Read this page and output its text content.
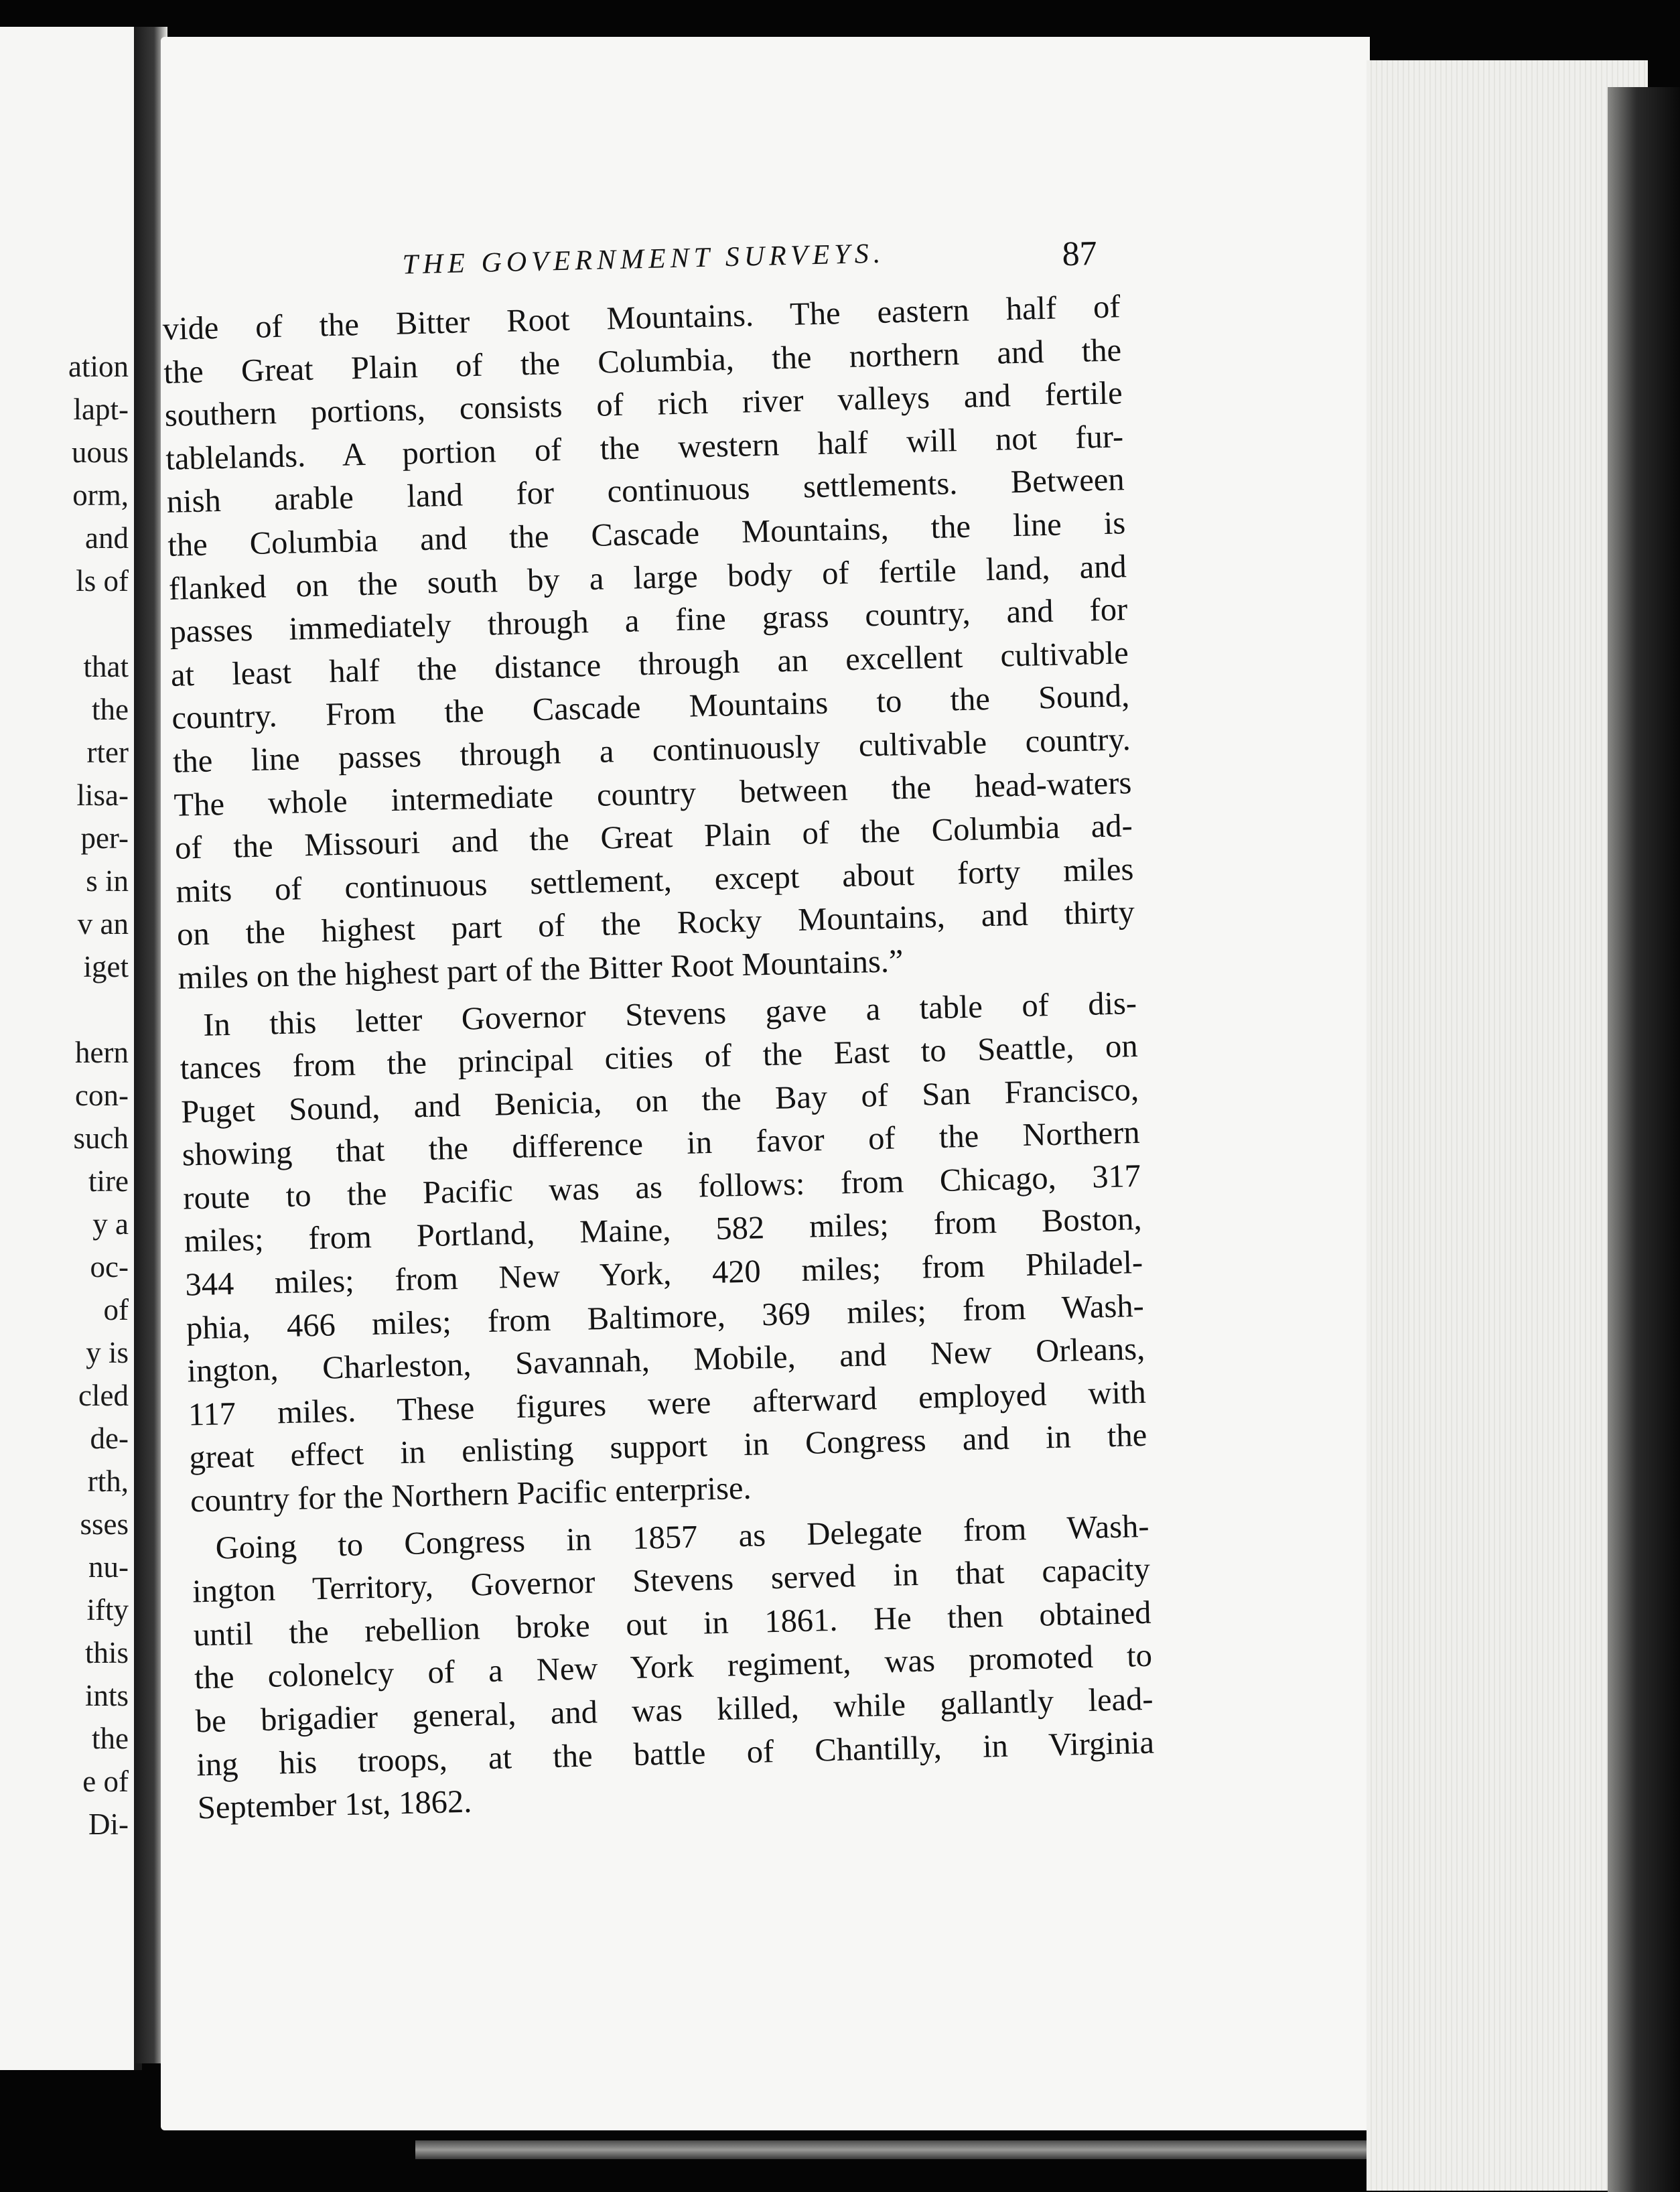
ation
lapt-
uous
orm,
and
ls of
that
the
rter
lisa-
per-
s in
v an
iget
hern
con-
such
tire
y a
oc-
of
y is
cled
de-
rth,
sses
nu-
ifty
this
ints
the
e of
Di-
THE GOVERNMENT SURVEYS.	87
vide of the Bitter Root Mountains. The eastern half of
the Great Plain of the Columbia, the northern and the
southern portions, consists of rich river valleys and fertile
tablelands. A portion of the western half will not fur-
nish arable land for continuous settlements. Between
the Columbia and the Cascade Mountains, the line is
flanked on the south by a large body of fertile land, and
passes immediately through a fine grass country, and for
at least half the distance through an excellent cultivable
country. From the Cascade Mountains to the Sound,
the line passes through a continuously cultivable country.
The whole intermediate country between the head-waters
of the Missouri and the Great Plain of the Columbia ad-
mits of continuous settlement, except about forty miles
on the highest part of the Rocky Mountains, and thirty
miles on the highest part of the Bitter Root Mountains.”
In this letter Governor Stevens gave a table of dis-
tances from the principal cities of the East to Seattle, on
Puget Sound, and Benicia, on the Bay of San Francisco,
showing that the difference in favor of the Northern
route to the Pacific was as follows: from Chicago, 317
miles; from Portland, Maine, 582 miles; from Boston,
344 miles; from New York, 420 miles; from Philadel-
phia, 466 miles; from Baltimore, 369 miles; from Wash-
ington, Charleston, Savannah, Mobile, and New Orleans,
117 miles. These figures were afterward employed with
great effect in enlisting support in Congress and in the
country for the Northern Pacific enterprise.
Going to Congress in 1857 as Delegate from Wash-
ington Territory, Governor Stevens served in that capacity
until the rebellion broke out in 1861. He then obtained
the colonelcy of a New York regiment, was promoted to
be brigadier general, and was killed, while gallantly lead-
ing his troops, at the battle of Chantilly, in Virginia
September 1st, 1862.
